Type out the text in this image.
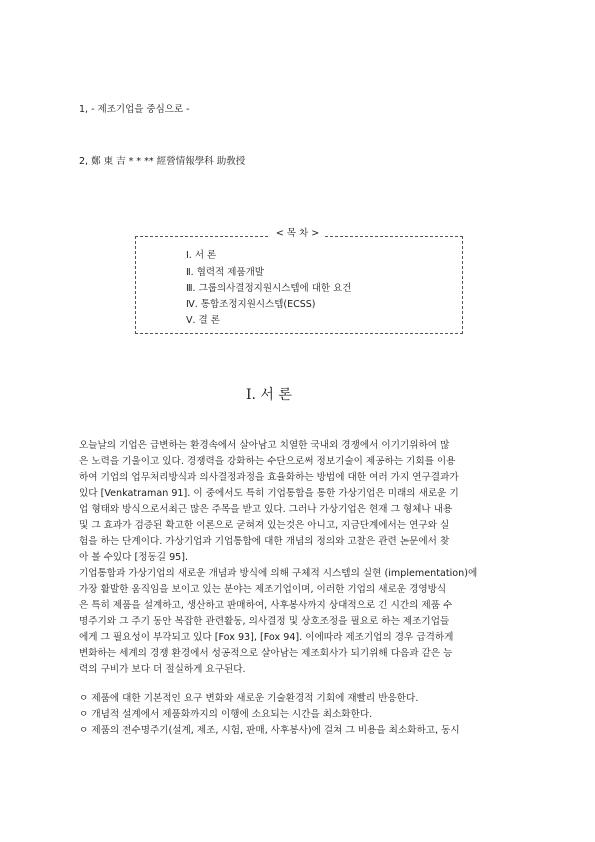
1, - 제조기업을 중심으로 -
2, 鄭 東 吉 * * ** 經營情報學科 助敎授
< 목 차 >
Ⅰ. 서 론
Ⅱ. 협력적 제품개발
Ⅲ. 그룹의사결정지원시스템에 대한 요건
Ⅳ. 통합조정지원시스템(ECSS)
Ⅴ. 결 론
Ⅰ. 서 론
오늘날의 기업은 급변하는 환경속에서 살아남고 치열한 국내외 경쟁에서 이기기위하여 많
은 노력을 기울이고 있다. 경쟁력을 강화하는 수단으로써 정보기술이 제공하는 기회를 이용
하여 기업의 업무처리방식과 의사결정과정을 효율화하는 방법에 대한 여러 가지 연구결과가
있다 [Venkatraman 91]. 이 중에서도 특히 기업통합을 통한 가상기업은 미래의 새로운 기
업 형태와 방식으로서최근 많은 주목을 받고 있다. 그러나 가상기업은 현재 그 형체나 내용
및 그 효과가 검증된 확고한 이론으로 굳혀져 있는것은 아니고, 지금단계에서는 연구와 실
험을 하는 단계이다. 가상기업과 기업통합에 대한 개념의 정의와 고찰은 관련 논문에서 찾
아 볼 수있다 [정동길 95].
기업통합과 가상기업의 새로운 개념과 방식에 의해 구체적 시스템의 실현 (implementation)에
가장 활발한 움직임을 보이고 있는 분야는 제조기업이며, 이러한 기업의 새로운 경영방식
은 특히 제품을 설계하고, 생산하고 판매하여, 사후봉사까지 상대적으로 긴 시간의 제품 수
명주기와 그 주기 동안 복잡한 관련활동, 의사결정 및 상호조정을 필요로 하는 제조기업들
에게 그 필요성이 부각되고 있다 [Fox 93], [Fox 94]. 이에따라 제조기업의 경우 급격하게
변화하는 세계의 경쟁 환경에서 성공적으로 살아남는 제조회사가 되기위해 다음과 같은 능
력의 구비가 보다 더 절실하게 요구된다.
ㅇ 제품에 대한 기본적인 요구 변화와 새로운 기술환경적 기회에 재빨리 반응한다.
ㅇ 개념적 설계에서 제품화까지의 이행에 소요되는 시간을 최소화한다.
ㅇ 제품의 전수명주기(설계, 제조, 시험, 판매, 사후봉사)에 걸쳐 그 비용을 최소화하고, 동시
